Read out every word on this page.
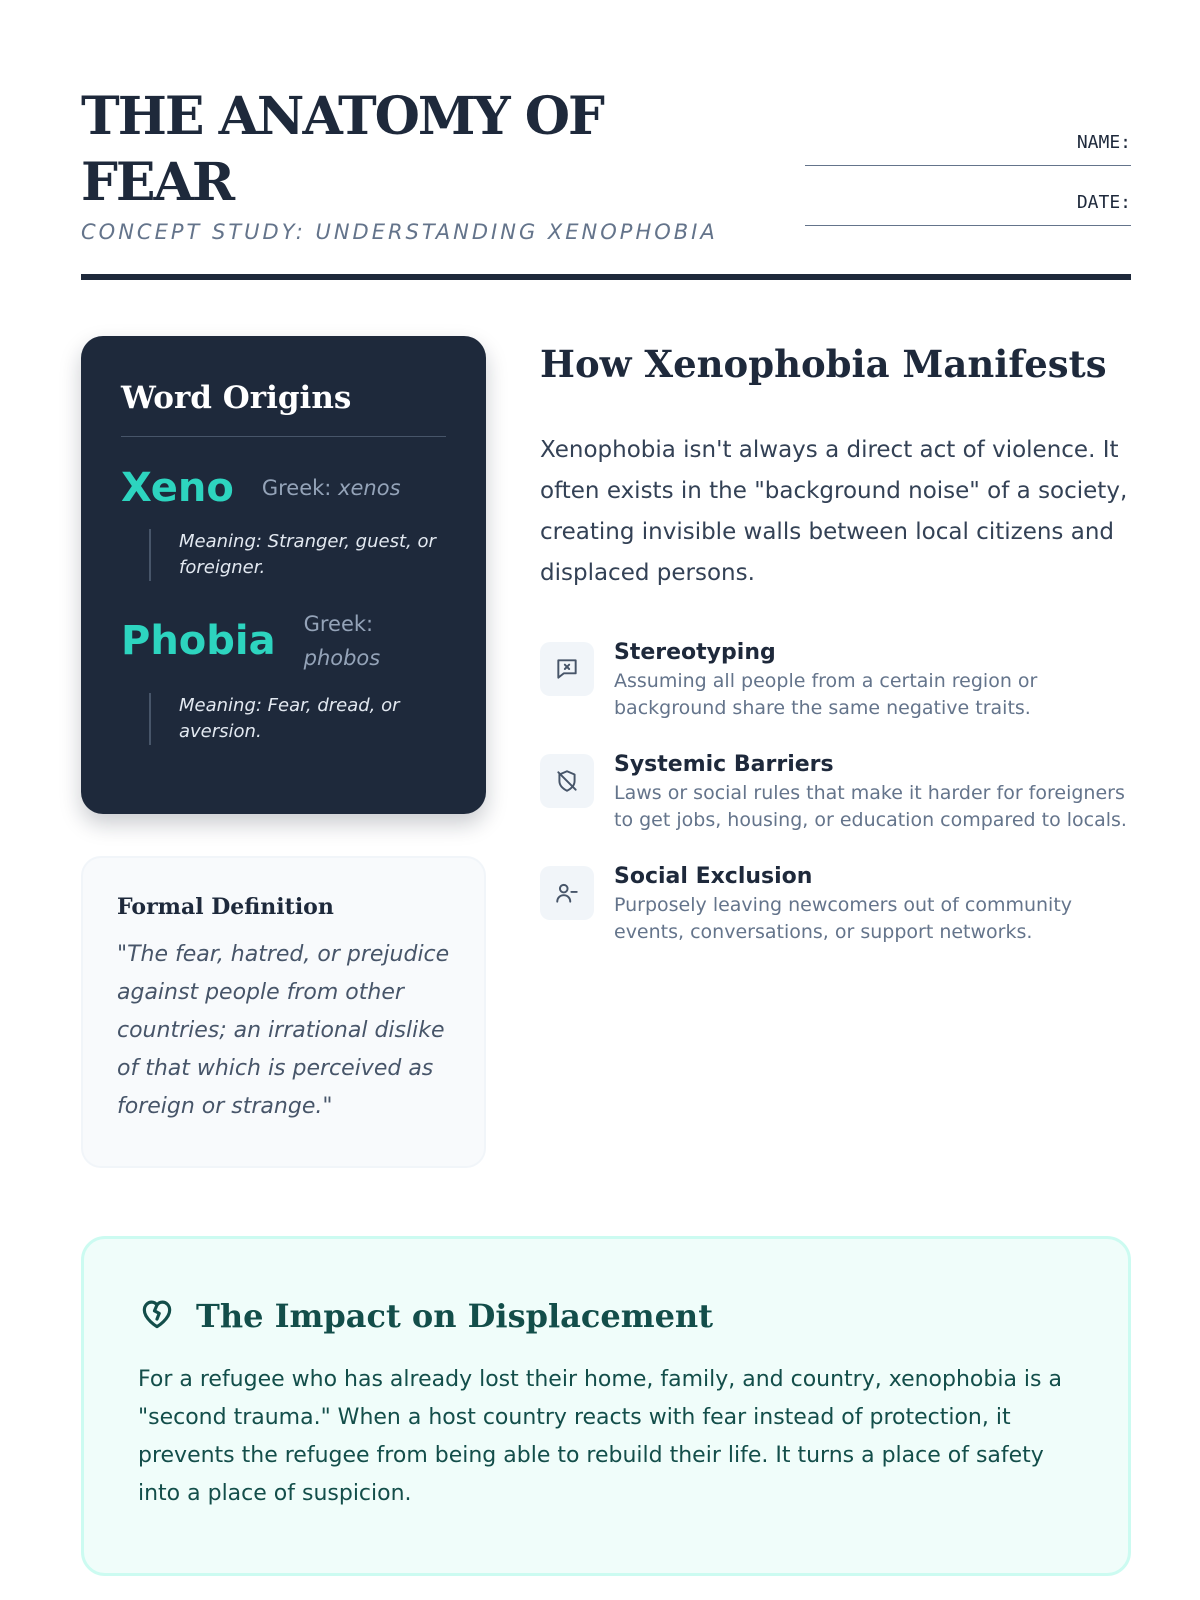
THE ANATOMY OF FEAR
CONCEPT STUDY: UNDERSTANDING XENOPHOBIA
NAME:
DATE:
Word Origins
Xeno Greek: xenos
Meaning: Stranger, guest, or foreigner.
Phobia Greek: phobos
Meaning: Fear, dread, or aversion.
Formal Definition
"The fear, hatred, or prejudice against people from other countries; an irrational dislike of that which is perceived as foreign or strange."
How Xenophobia Manifests

Xenophobia isn't always a direct act of violence. It often exists in the "background noise" of a society, creating invisible walls between local citizens and displaced persons.

Stereotyping
Assuming all people from a certain region or background share the same negative traits.
Systemic Barriers
Laws or social rules that make it harder for foreigners to get jobs, housing, or education compared to locals.
Social Exclusion
Purposely leaving newcomers out of community events, conversations, or support networks.
The Impact on Displacement
For a refugee who has already lost their home, family, and country, xenophobia is a "second trauma." When a host country reacts with fear instead of protection, it prevents the refugee from being able to rebuild their life. It turns a place of safety into a place of suspicion.
